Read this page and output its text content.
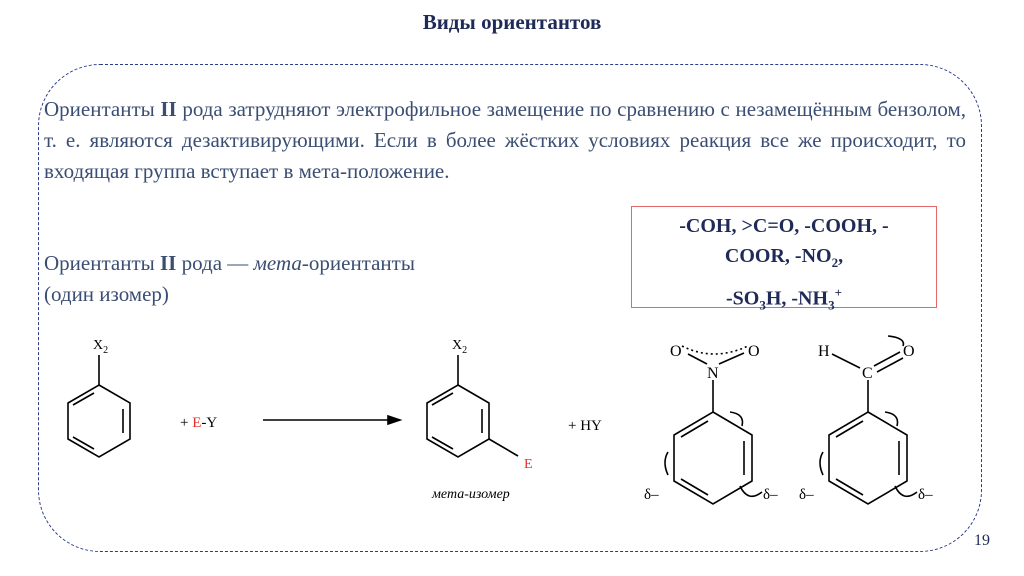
Виды ориентантов
Ориентанты II рода затрудняют электрофильное замещение по сравнению с незамещённым бензолом, т. е. являются дезактивирующими. Если в более жёстких условиях реакция все же происходит, то входящая группа вступает в мета-положение.
Ориентанты II рода — мета-ориентанты
(один изомер)
-COH, >C=O, -COOH, -
COOR, $-NO_2$,
$-SO_3H$, $-NH_3^+$
$X_2$
+ E-Y
$X_2$
E
+ HY
мета-изомер
O	O
N
δ–	δ–
H
C
O
δ–	δ–
19
